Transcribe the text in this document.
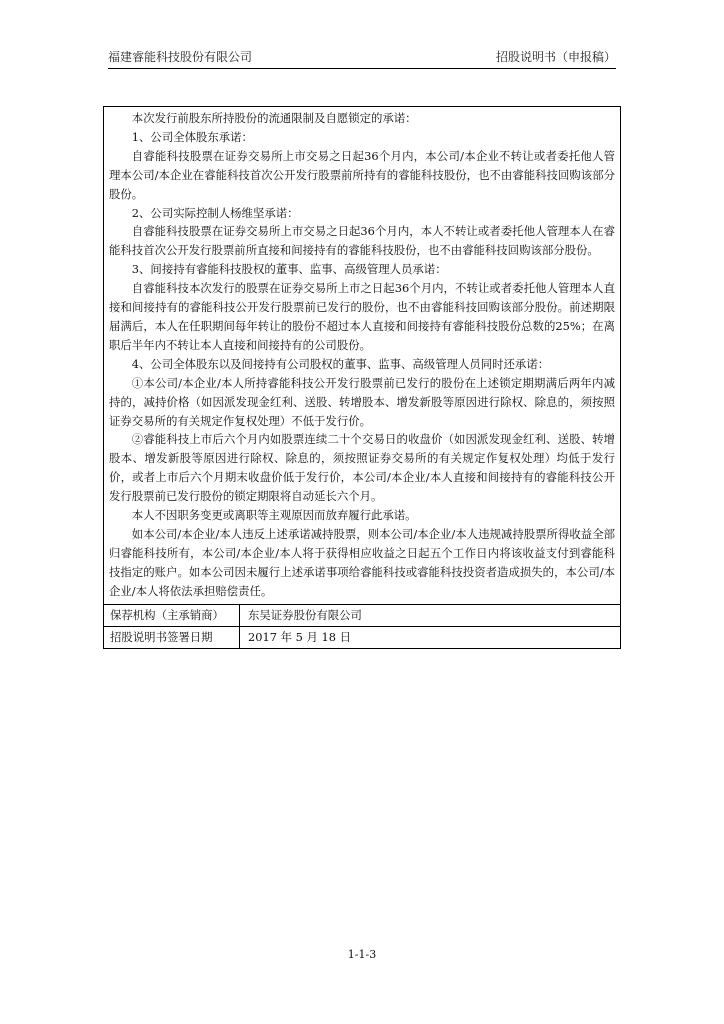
福建睿能科技股份有限公司	招股说明书（申报稿）

本次发行前股东所持股份的流通限制及自愿锁定的承诺：

1、公司全体股东承诺：

自睿能科技股票在证券交易所上市交易之日起36个月内，本公司/本企业不转让或者委托他人管理本公司/本企业在睿能科技首次公开发行股票前所持有的睿能科技股份，也不由睿能科技回购该部分股份。

2、公司实际控制人杨维坚承诺：

自睿能科技股票在证券交易所上市交易之日起36个月内，本人不转让或者委托他人管理本人在睿能科技首次公开发行股票前所直接和间接持有的睿能科技股份，也不由睿能科技回购该部分股份。

3、间接持有睿能科技股权的董事、监事、高级管理人员承诺：

自睿能科技本次发行的股票在证券交易所上市之日起36个月内，不转让或者委托他人管理本人直接和间接持有的睿能科技公开发行股票前已发行的股份，也不由睿能科技回购该部分股份。前述期限届满后，本人在任职期间每年转让的股份不超过本人直接和间接持有睿能科技股份总数的25%；在离职后半年内不转让本人直接和间接持有的公司股份。

4、公司全体股东以及间接持有公司股权的董事、监事、高级管理人员同时还承诺：

①本公司/本企业/本人所持睿能科技公开发行股票前已发行的股份在上述锁定期期满后两年内减持的，减持价格（如因派发现金红利、送股、转增股本、增发新股等原因进行除权、除息的，须按照证券交易所的有关规定作复权处理）不低于发行价。

②睿能科技上市后六个月内如股票连续二十个交易日的收盘价（如因派发现金红利、送股、转增股本、增发新股等原因进行除权、除息的，须按照证券交易所的有关规定作复权处理）均低于发行价，或者上市后六个月期末收盘价低于发行价，本公司/本企业/本人直接和间接持有的睿能科技公开发行股票前已发行股份的锁定期限将自动延长六个月。

本人不因职务变更或离职等主观原因而放弃履行此承诺。

如本公司/本企业/本人违反上述承诺减持股票，则本公司/本企业/本人违规减持股票所得收益全部归睿能科技所有，本公司/本企业/本人将于获得相应收益之日起五个工作日内将该收益支付到睿能科技指定的账户。如本公司因未履行上述承诺事项给睿能科技或睿能科技投资者造成损失的，本公司/本企业/本人将依法承担赔偿责任。

保荐机构（主承销商）	东吴证券股份有限公司
招股说明书签署日期	2017 年 5 月 18 日
1-1-3
